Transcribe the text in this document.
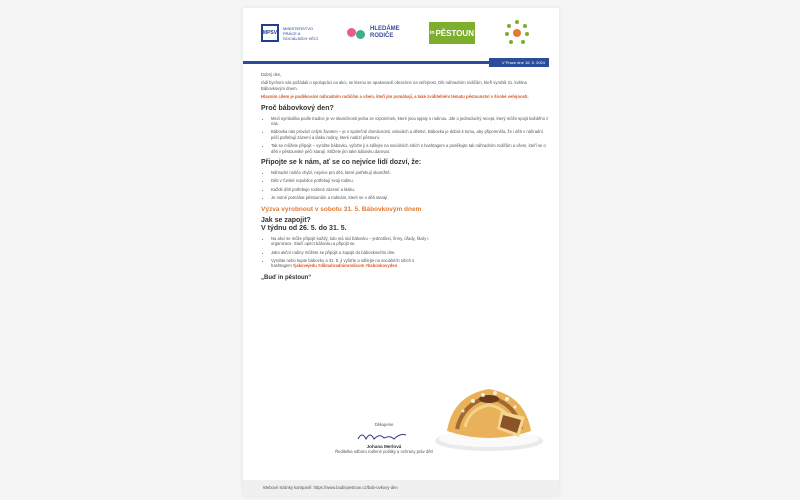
MPSV
MINISTERSTVO PRÁCE A SOCIÁLNÍCH VĚCÍ
HLEDÁME
RODIČE	in PĚSTOUN
V Praze dne 16. 5. 2024

Dobrý den,

rádi bychom vás požádali o spolupráci na akci, se kterou se opakovaně obracíme na veřejnost. Dík náhradním rodičům, kteří vyrobili 31. května Bábovkovým dnem.

Hlavním cílem je poděkování náhradním rodičům a všem, kteří jim pomáhají, a také zviditelnění tématu pěstounství v široké veřejnosti.

Proč bábovkový den?
• Mezi symbolika podle tradice je ve skutečnosti jedna ze vzpomínek, které jsou spjaty s rodinou. Jde o jednoduchý recept, který může spojit každého z nás.
• Bábovka nás provází celým životem – je o společné domácnosti, oslavách a dětství. Bábovka je dobrá k tomu, aby připomněla, že i děti v náhradní péči potřebují zázemí a lásku rodiny, které nabízí pěstouni.
• Tak se můžete připojit – vyrobte bábovku, vyfoťte ji a sdílejte na sociálních sítích s hashtagem a poděkujte tak náhradním rodičům a všem, kteří se o děti v pěstounské péči starají. Můžete jim také bábovku darovat.
Připojte se k nám, ať se co nejvíce lidí dozví, že:
• Náhradní rodiče chybí, nejvíce pro děti, které potřebují okamžitě.
• Děti v České republice potřebují svoji rodinu.
• Každé dítě potřebuje rodinné zázemí a lásku.
• Je nutné pomáhat pěstounům a rodinám, které se o děti starají.
Výzva vyrobnout v sobotu 31. 5. Bábovkovým dnem
Jak se zapojit?
V týdnu od 26. 5. do 31. 5.
• Na akci se může připojit každý, kdo má rád bábovku – jednotlivci, firmy, úřady, školy i organizace. Stačí upéct bábovku a připojit se.
• Jako akční rodiny můžete se připojit a zapojit do bábovkového dne.
• Vyrobte nebo kupte bábovku a 31. 5. ji vyfoťte a sdílejte na sociálních sítích s hashtagem #jakovejedu #diknahradnimrodicum #babovkovyden
„Buď in pěstoun“
Děkujeme
Johana Merlová
Ředitelka odboru rodinné politiky a ochrany práv dětí
Webové stránky kampaně: https://www.budinpestoun.cz/bab-ovkovy-den
